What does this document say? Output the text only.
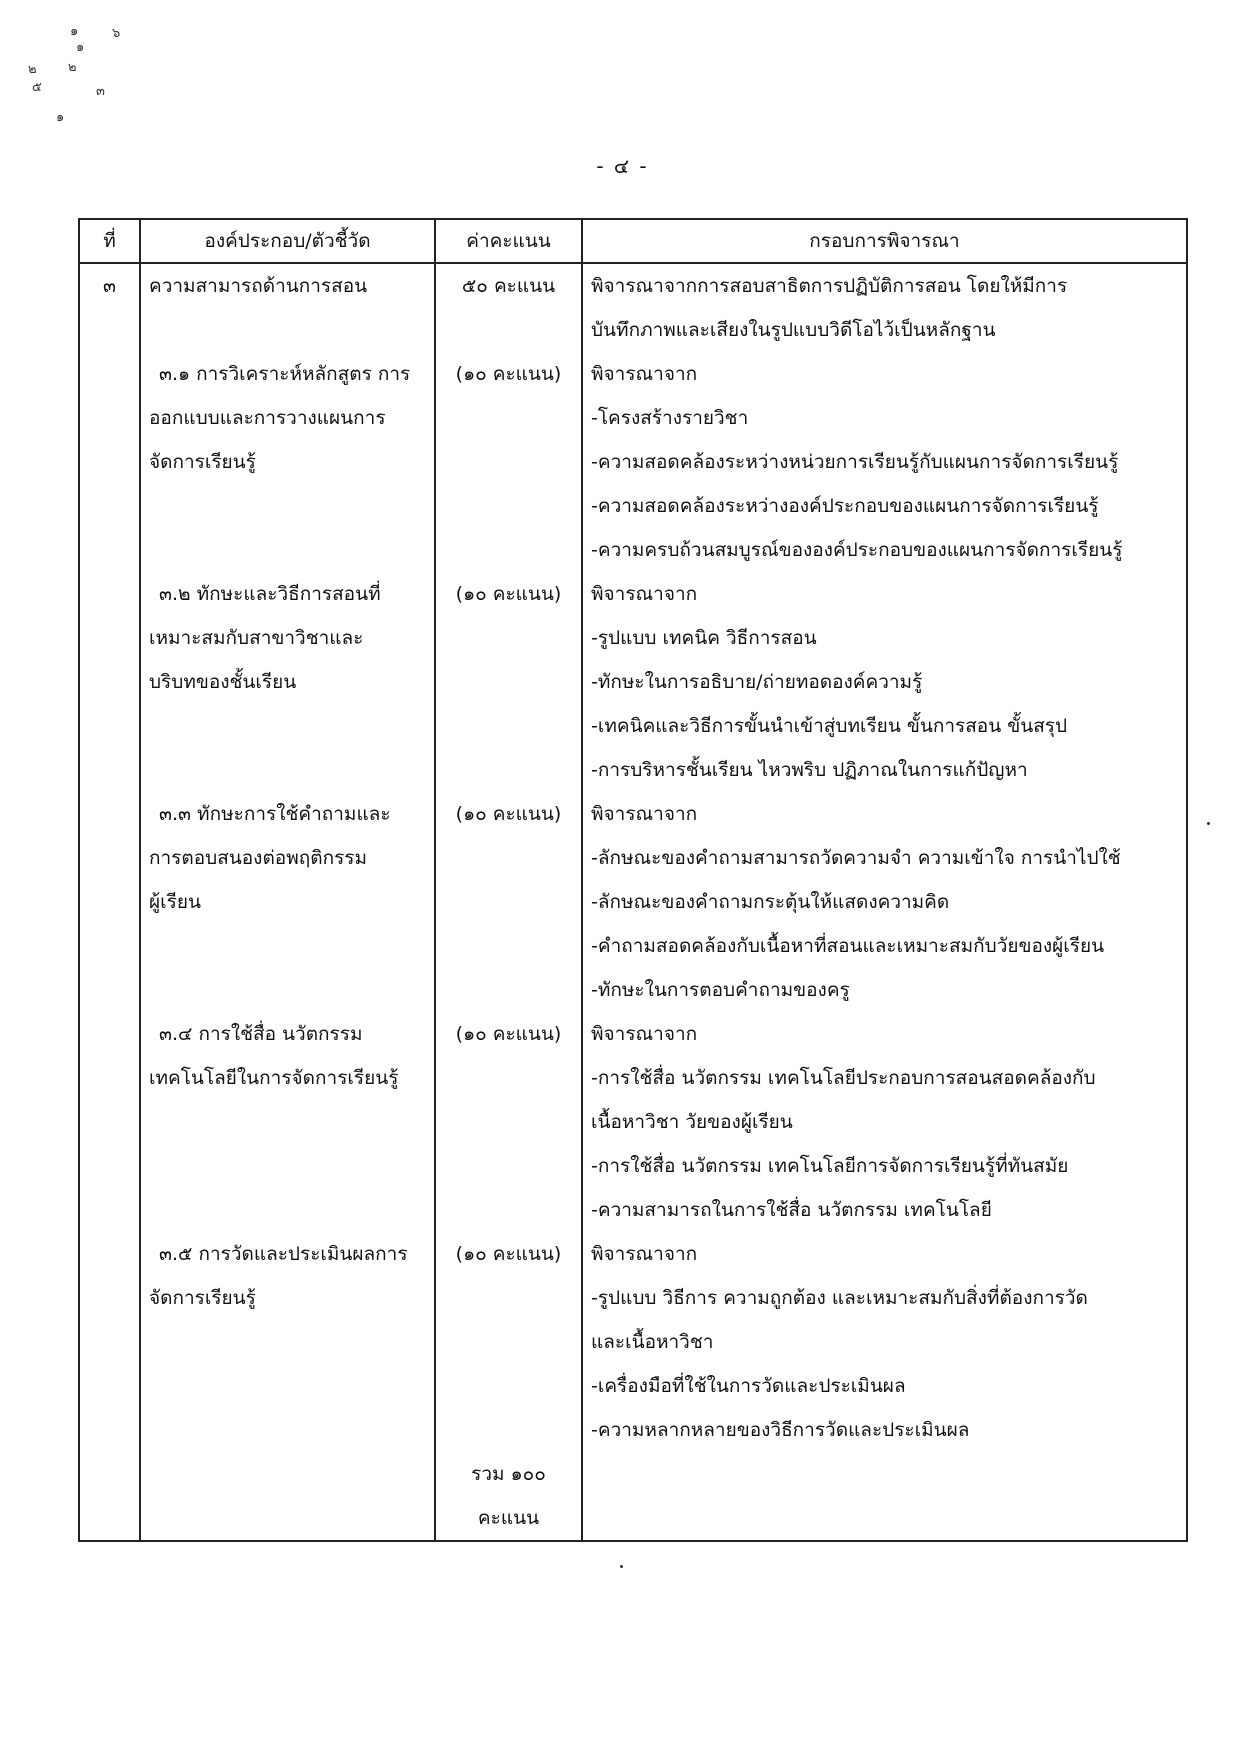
๑	๖
๑
๒ ๒
๕	๓
๑
- ๔ -
ที่	องค์ประกอบ/ตัวชี้วัด	ค่าคะแนน	กรอบการพิจารณา
๓	ความสามารถด้านการสอน	๕๐ คะแนน	พิจารณาจากการสอบสาธิตการปฏิบัติการสอน โดยให้มีการ
บันทึกภาพและเสียงในรูปแบบวิดีโอไว้เป็นหลักฐาน

	๓.๑ การวิเคราะห์หลักสูตร การ
ออกแบบและการวางแผนการ
จัดการเรียนรู้	(๑๐ คะแนน)	พิจารณาจาก
-โครงสร้างรายวิชา
-ความสอดคล้องระหว่างหน่วยการเรียนรู้กับแผนการจัดการเรียนรู้
-ความสอดคล้องระหว่างองค์ประกอบของแผนการจัดการเรียนรู้
-ความครบถ้วนสมบูรณ์ขององค์ประกอบของแผนการจัดการเรียนรู้

	๓.๒ ทักษะและวิธีการสอนที่
เหมาะสมกับสาขาวิชาและ
บริบทของชั้นเรียน	(๑๐ คะแนน)	พิจารณาจาก
-รูปแบบ เทคนิค วิธีการสอน
-ทักษะในการอธิบาย/ถ่ายทอดองค์ความรู้
-เทคนิคและวิธีการขั้นนำเข้าสู่บทเรียน ขั้นการสอน ขั้นสรุป
-การบริหารชั้นเรียน ไหวพริบ ปฏิภาณในการแก้ปัญหา

	๓.๓ ทักษะการใช้คำถามและ
การตอบสนองต่อพฤติกรรม
ผู้เรียน	(๑๐ คะแนน)	พิจารณาจาก
-ลักษณะของคำถามสามารถวัดความจำ ความเข้าใจ การนำไปใช้
-ลักษณะของคำถามกระตุ้นให้แสดงความคิด
-คำถามสอดคล้องกับเนื้อหาที่สอนและเหมาะสมกับวัยของผู้เรียน
-ทักษะในการตอบคำถามของครู

	๓.๔ การใช้สื่อ นวัตกรรม
เทคโนโลยีในการจัดการเรียนรู้	(๑๐ คะแนน)	พิจารณาจาก
-การใช้สื่อ นวัตกรรม เทคโนโลยีประกอบการสอนสอดคล้องกับ
เนื้อหาวิชา วัยของผู้เรียน
-การใช้สื่อ นวัตกรรม เทคโนโลยีการจัดการเรียนรู้ที่ทันสมัย
-ความสามารถในการใช้สื่อ นวัตกรรม เทคโนโลยี

	๓.๕ การวัดและประเมินผลการ
จัดการเรียนรู้	(๑๐ คะแนน)	พิจารณาจาก
-รูปแบบ วิธีการ ความถูกต้อง และเหมาะสมกับสิ่งที่ต้องการวัด
และเนื้อหาวิชา
-เครื่องมือที่ใช้ในการวัดและประเมินผล
-ความหลากหลายของวิธีการวัดและประเมินผล

		รวม ๑๐๐
คะแนน	
